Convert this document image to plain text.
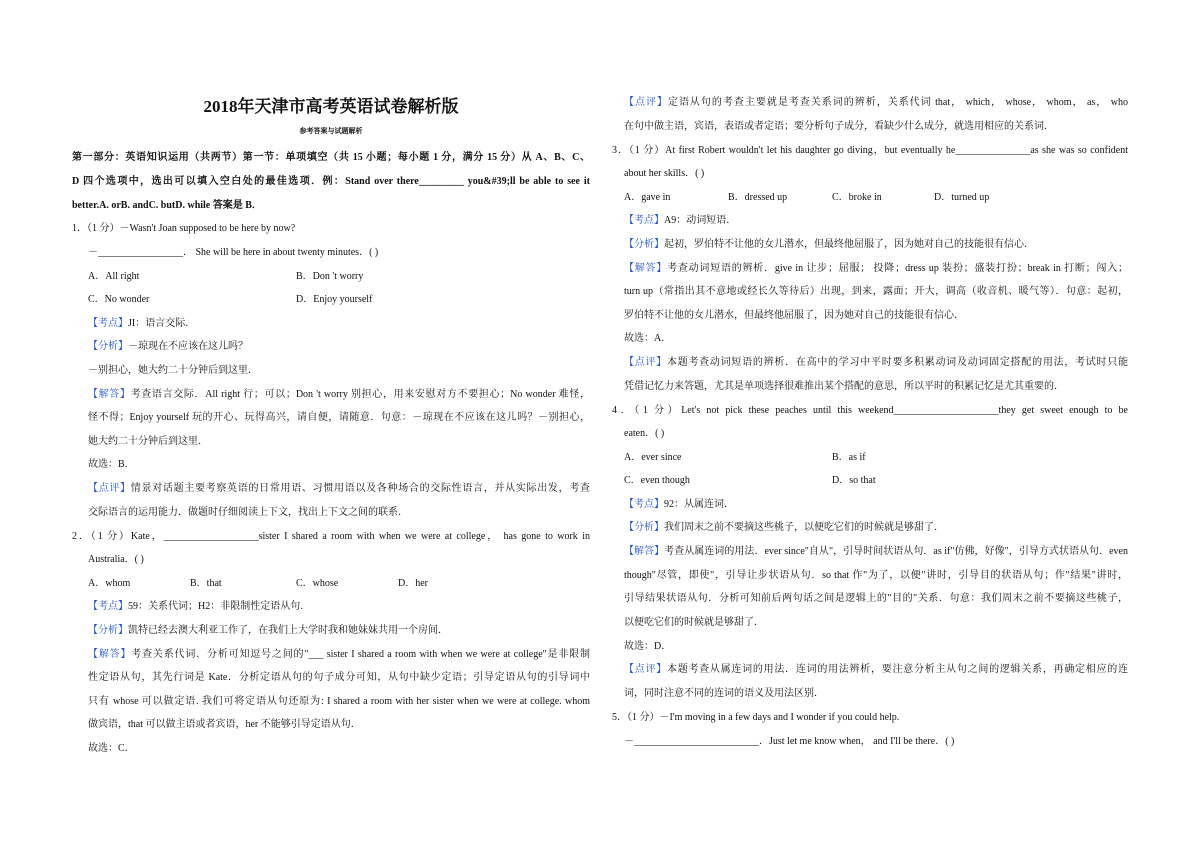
2018年天津市高考英语试卷解析版
参考答案与试题解析
第一部分：英语知识运用（共两节）第一节：单项填空（共 15 小题；每小题 1 分，满分 15 分）从 A、B、C、
D 四个选项中，选出可以填入空白处的最佳选项．例：Stand over there_________ you&#39;ll be able to see it
better.A. orB. andC. butD. while 答案是 B．
1．（1 分）－Wasn't Joan supposed to be here by now?
－_________________． She will be here in about twenty minutes．( )
A．All right	B．Don 't worry
C．No wonder	D．Enjoy yourself
【考点】JI：语言交际．
【分析】－琼现在不应该在这儿吗？
－别担心，她大约二十分钟后到这里．
【解答】考查语言交际．All right 行；可以；Don 't worry 别担心，用来安慰对方不要担心；No wonder 难怪，
怪不得；Enjoy yourself 玩的开心、玩得高兴，请自便，请随意．句意：－琼现在不应该在这儿吗？－别担心，
她大约二十分钟后到这里．
故选：B．
【点评】情景对话题主要考察英语的日常用语、习惯用语以及各种场合的交际性语言，并从实际出发，考查
交际语言的运用能力．做题时仔细阅读上下文，找出上下文之间的联系．
2．（1 分）Kate，___________________sister I shared a room with when we were at college， has gone to work in
Australia．( )
A．whom	B．that	C．whose	D．her
【考点】59：关系代词；H2：非限制性定语从句．
【分析】凯特已经去澳大利亚工作了，在我们上大学时我和她妹妹共用一个房间．
【解答】考查关系代词．分析可知逗号之间的"___ sister I shared a room with when we were at college"是非限制
性定语从句，其先行词是 Kate．分析定语从句的句子成分可知，从句中缺少定语；引导定语从句的引导词中
只有 whose 可以做定语. 我们可将定语从句还原为: I shared a room with her sister when we were at college. whom
做宾语，that 可以做主语或者宾语，her 不能够引导定语从句．
故选：C．
【点评】定语从句的考查主要就是考查关系词的辨析，关系代词 that， which， whose， whom， as， who
在句中做主语，宾语，表语或者定语；要分析句子成分，看缺少什么成分，就选用相应的关系词．
3．（1 分）At first Robert wouldn't let his daughter go diving，but eventually he_______________as she was so confident
about her skills．( )
A．gave in	B．dressed up	C．broke in	D．turned up
【考点】A9：动词短语．
【分析】起初，罗伯特不让他的女儿潜水，但最终他屈服了，因为她对自己的技能很有信心．
【解答】考查动词短语的辨析．give in 让步；屈服； 投降；dress up 装扮；盛装打扮；break in 打断；闯入；
turn up（常指出其不意地或经长久等待后）出现，到来，露面；开大，调高（收音机、暖气等）．句意：起初，
罗伯特不让他的女儿潜水，但最终他屈服了，因为她对自己的技能很有信心．
故选：A．
【点评】本题考查动词短语的辨析．在高中的学习中平时要多积累动词及动词固定搭配的用法，考试时只能
凭借记忆力来答题，尤其是单项选择很难推出某个搭配的意思，所以平时的积累记忆是尤其重要的．
4．（1 分）Let's not pick these peaches until this weekend_____________________they get sweet enough to be
eaten．( )
A．ever since	B．as if
C．even though	D．so that
【考点】92：从属连词．
【分析】我们周末之前不要摘这些桃子，以便吃它们的时候就是够甜了．
【解答】考查从属连词的用法．ever since"自从"，引导时间状语从句．as if"仿佛，好像"，引导方式状语从句．even
though"尽管，即使"，引导让步状语从句．so that 作"为了，以便"讲时，引导目的状语从句；作"结果"讲时，
引导结果状语从句．分析可知前后两句话之间是逻辑上的"目的"关系．句意：我们周末之前不要摘这些桃子，
以便吃它们的时候就是够甜了．
故选：D．
【点评】本题考查从属连词的用法．连词的用法辨析，要注意分析主从句之间的逻辑关系，再确定相应的连
词，同时注意不同的连词的语义及用法区别．
5．（1 分）－I'm moving in a few days and I wonder if you could help.
－_________________________．Just let me know when， and I'll be there．( )
